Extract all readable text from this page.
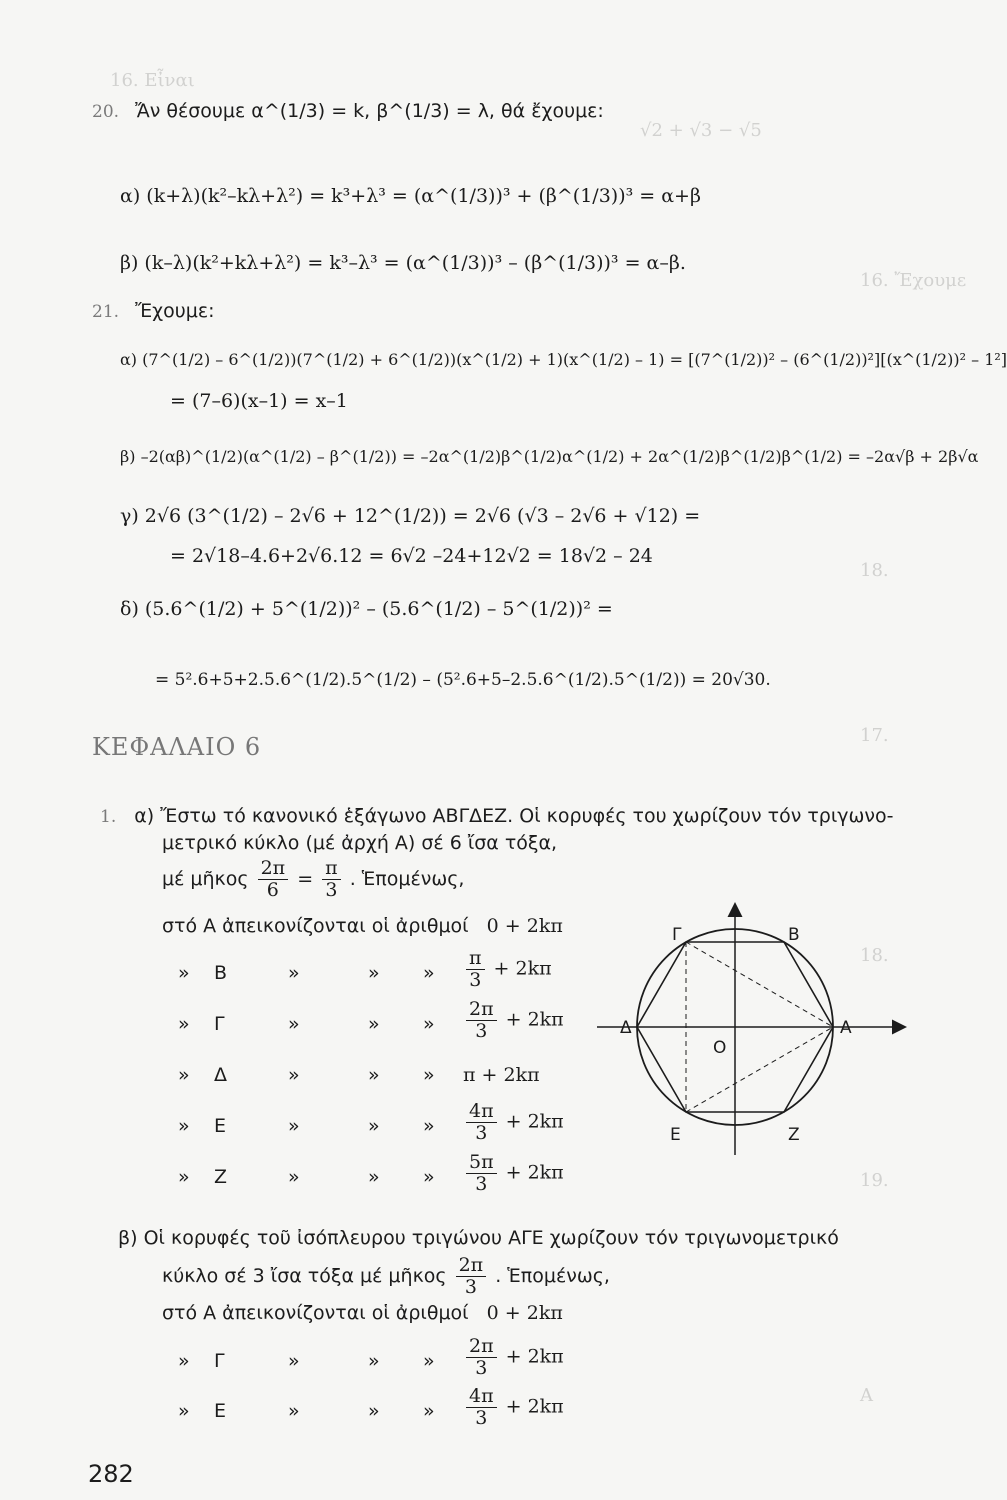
16. Εἶναι
√2 + √3 − √5
16. Ἔχουμε
18.
17.
18.
19.
A
20. Ἄν θέσουμε α^(1/3) = k, β^(1/3) = λ, θά ἔχουμε:
α) (k+λ)(k²–kλ+λ²) = k³+λ³ = (α^(1/3))³ + (β^(1/3))³ = α+β
β) (k–λ)(k²+kλ+λ²) = k³–λ³ = (α^(1/3))³ – (β^(1/3))³ = α–β.
21. Ἔχουμε:
α) (7^(1/2) – 6^(1/2))(7^(1/2) + 6^(1/2))(x^(1/2) + 1)(x^(1/2) – 1) = [(7^(1/2))² – (6^(1/2))²][(x^(1/2))² – 1²]
= (7–6)(x–1) = x–1
β) –2(αβ)^(1/2)(α^(1/2) – β^(1/2)) = –2α^(1/2)β^(1/2)α^(1/2) + 2α^(1/2)β^(1/2)β^(1/2) = –2α√β + 2β√α
γ) 2√6 (3^(1/2) – 2√6 + 12^(1/2)) = 2√6 (√3 – 2√6 + √12) =
= 2√18–4.6+2√6.12 = 6√2 –24+12√2 = 18√2 – 24
δ) (5.6^(1/2) + 5^(1/2))² – (5.6^(1/2) – 5^(1/2))² =
= 5².6+5+2.5.6^(1/2).5^(1/2) – (5².6+5–2.5.6^(1/2).5^(1/2)) = 20√30.
ΚΕΦΑΛΑΙΟ 6
1. α) Ἔστω τό κανονικό ἑξάγωνο ΑΒΓΔΕΖ. Οἱ κορυφές του χωρίζουν τόν τριγωνο-
μετρικό κύκλο (μέ ἀρχή Α) σέ 6 ἴσα τόξα,
μέ μῆκος $\frac{2\pi}{6} = \frac{\pi}{3}$ . Ἑπομένως,
στό Α ἀπεικονίζονται οἱ ἀριθμοί 0 + 2kπ
» Β	»	» » $\frac{\pi}{3} + 2k\pi$
» Γ	»	» » $\frac{2\pi}{3} + 2k\pi$
» Δ	»	» » π + 2kπ
» Ε	»	» » $\frac{4\pi}{3} + 2k\pi$
» Ζ	»	» » $\frac{5\pi}{3} + 2k\pi$
β) Οἱ κορυφές τοῦ ἰσόπλευρου τριγώνου ΑΓΕ χωρίζουν τόν τριγωνομετρικό
κύκλο σέ 3 ἴσα τόξα μέ μῆκος $\frac{2\pi}{3}$ . Ἑπομένως,
στό Α ἀπεικονίζονται οἱ ἀριθμοί 0 + 2kπ
» Γ	»	» » $\frac{2\pi}{3} + 2k\pi$
» Ε	»	» » $\frac{4\pi}{3} + 2k\pi$
A
B
Γ
Δ
E	Z
O
282
